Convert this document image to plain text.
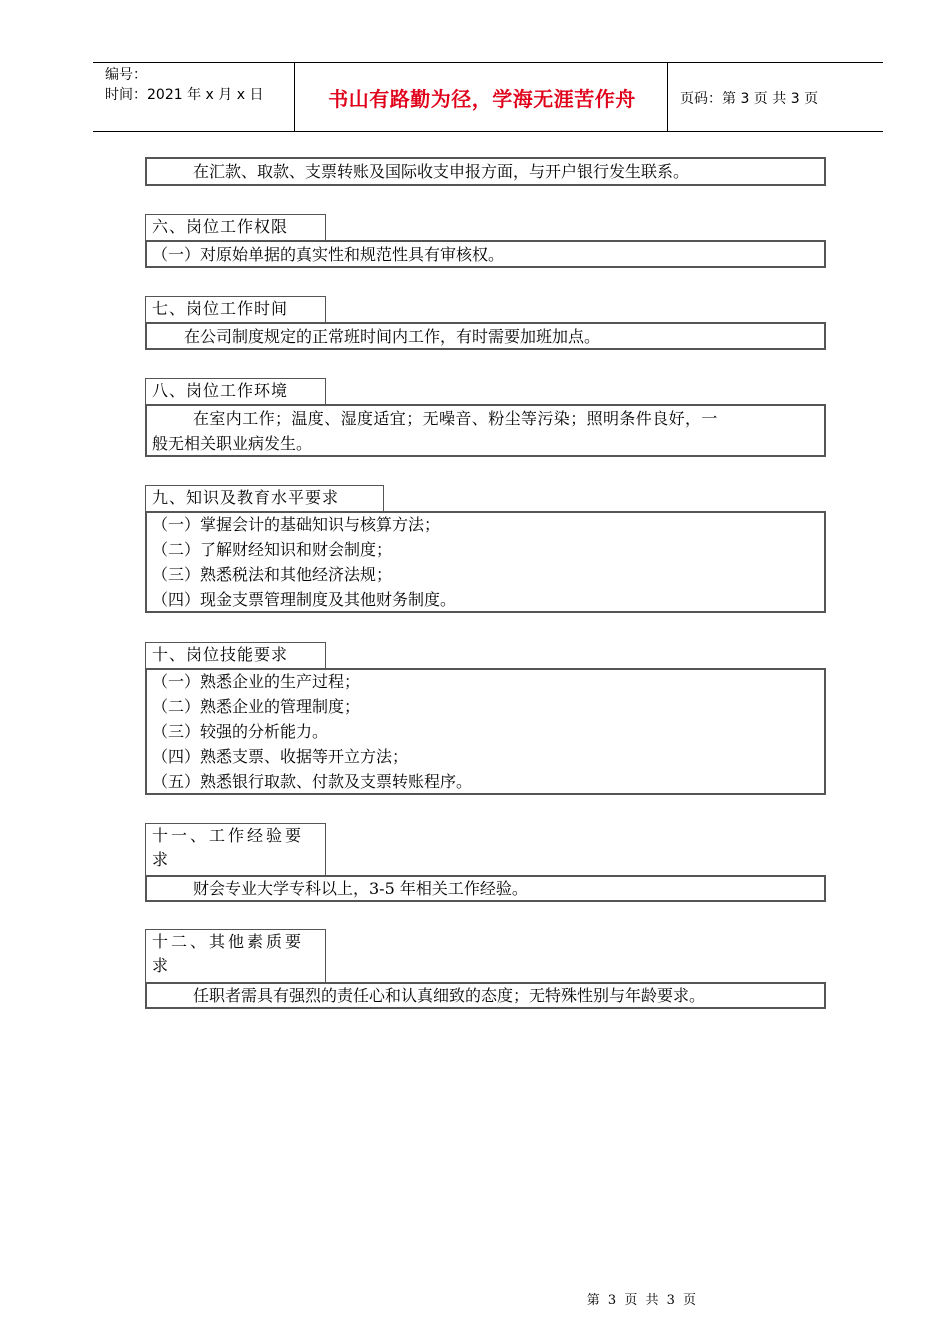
编号：
时间：2021 年 x 月 x 日	书山有路勤为径，学海无涯苦作舟	页码：第 3 页 共 3 页
在汇款、取款、支票转账及国际收支申报方面，与开户银行发生联系。
六、岗位工作权限
（一）对原始单据的真实性和规范性具有审核权。
七、岗位工作时间
在公司制度规定的正常班时间内工作，有时需要加班加点。
八、岗位工作环境
在室内工作；温度、湿度适宜；无噪音、粉尘等污染；照明条件良好，一
般无相关职业病发生。
九、知识及教育水平要求
（一）掌握会计的基础知识与核算方法；
（二）了解财经知识和财会制度；
（三）熟悉税法和其他经济法规；
（四）现金支票管理制度及其他财务制度。
十、岗位技能要求
（一）熟悉企业的生产过程；
（二）熟悉企业的管理制度；
（三）较强的分析能力。
（四）熟悉支票、收据等开立方法；
（五）熟悉银行取款、付款及支票转账程序。
十一、工作经验要
求
财会专业大学专科以上，3-5 年相关工作经验。
十二、其他素质要
求
任职者需具有强烈的责任心和认真细致的态度；无特殊性别与年龄要求。
第 3 页 共 3 页
